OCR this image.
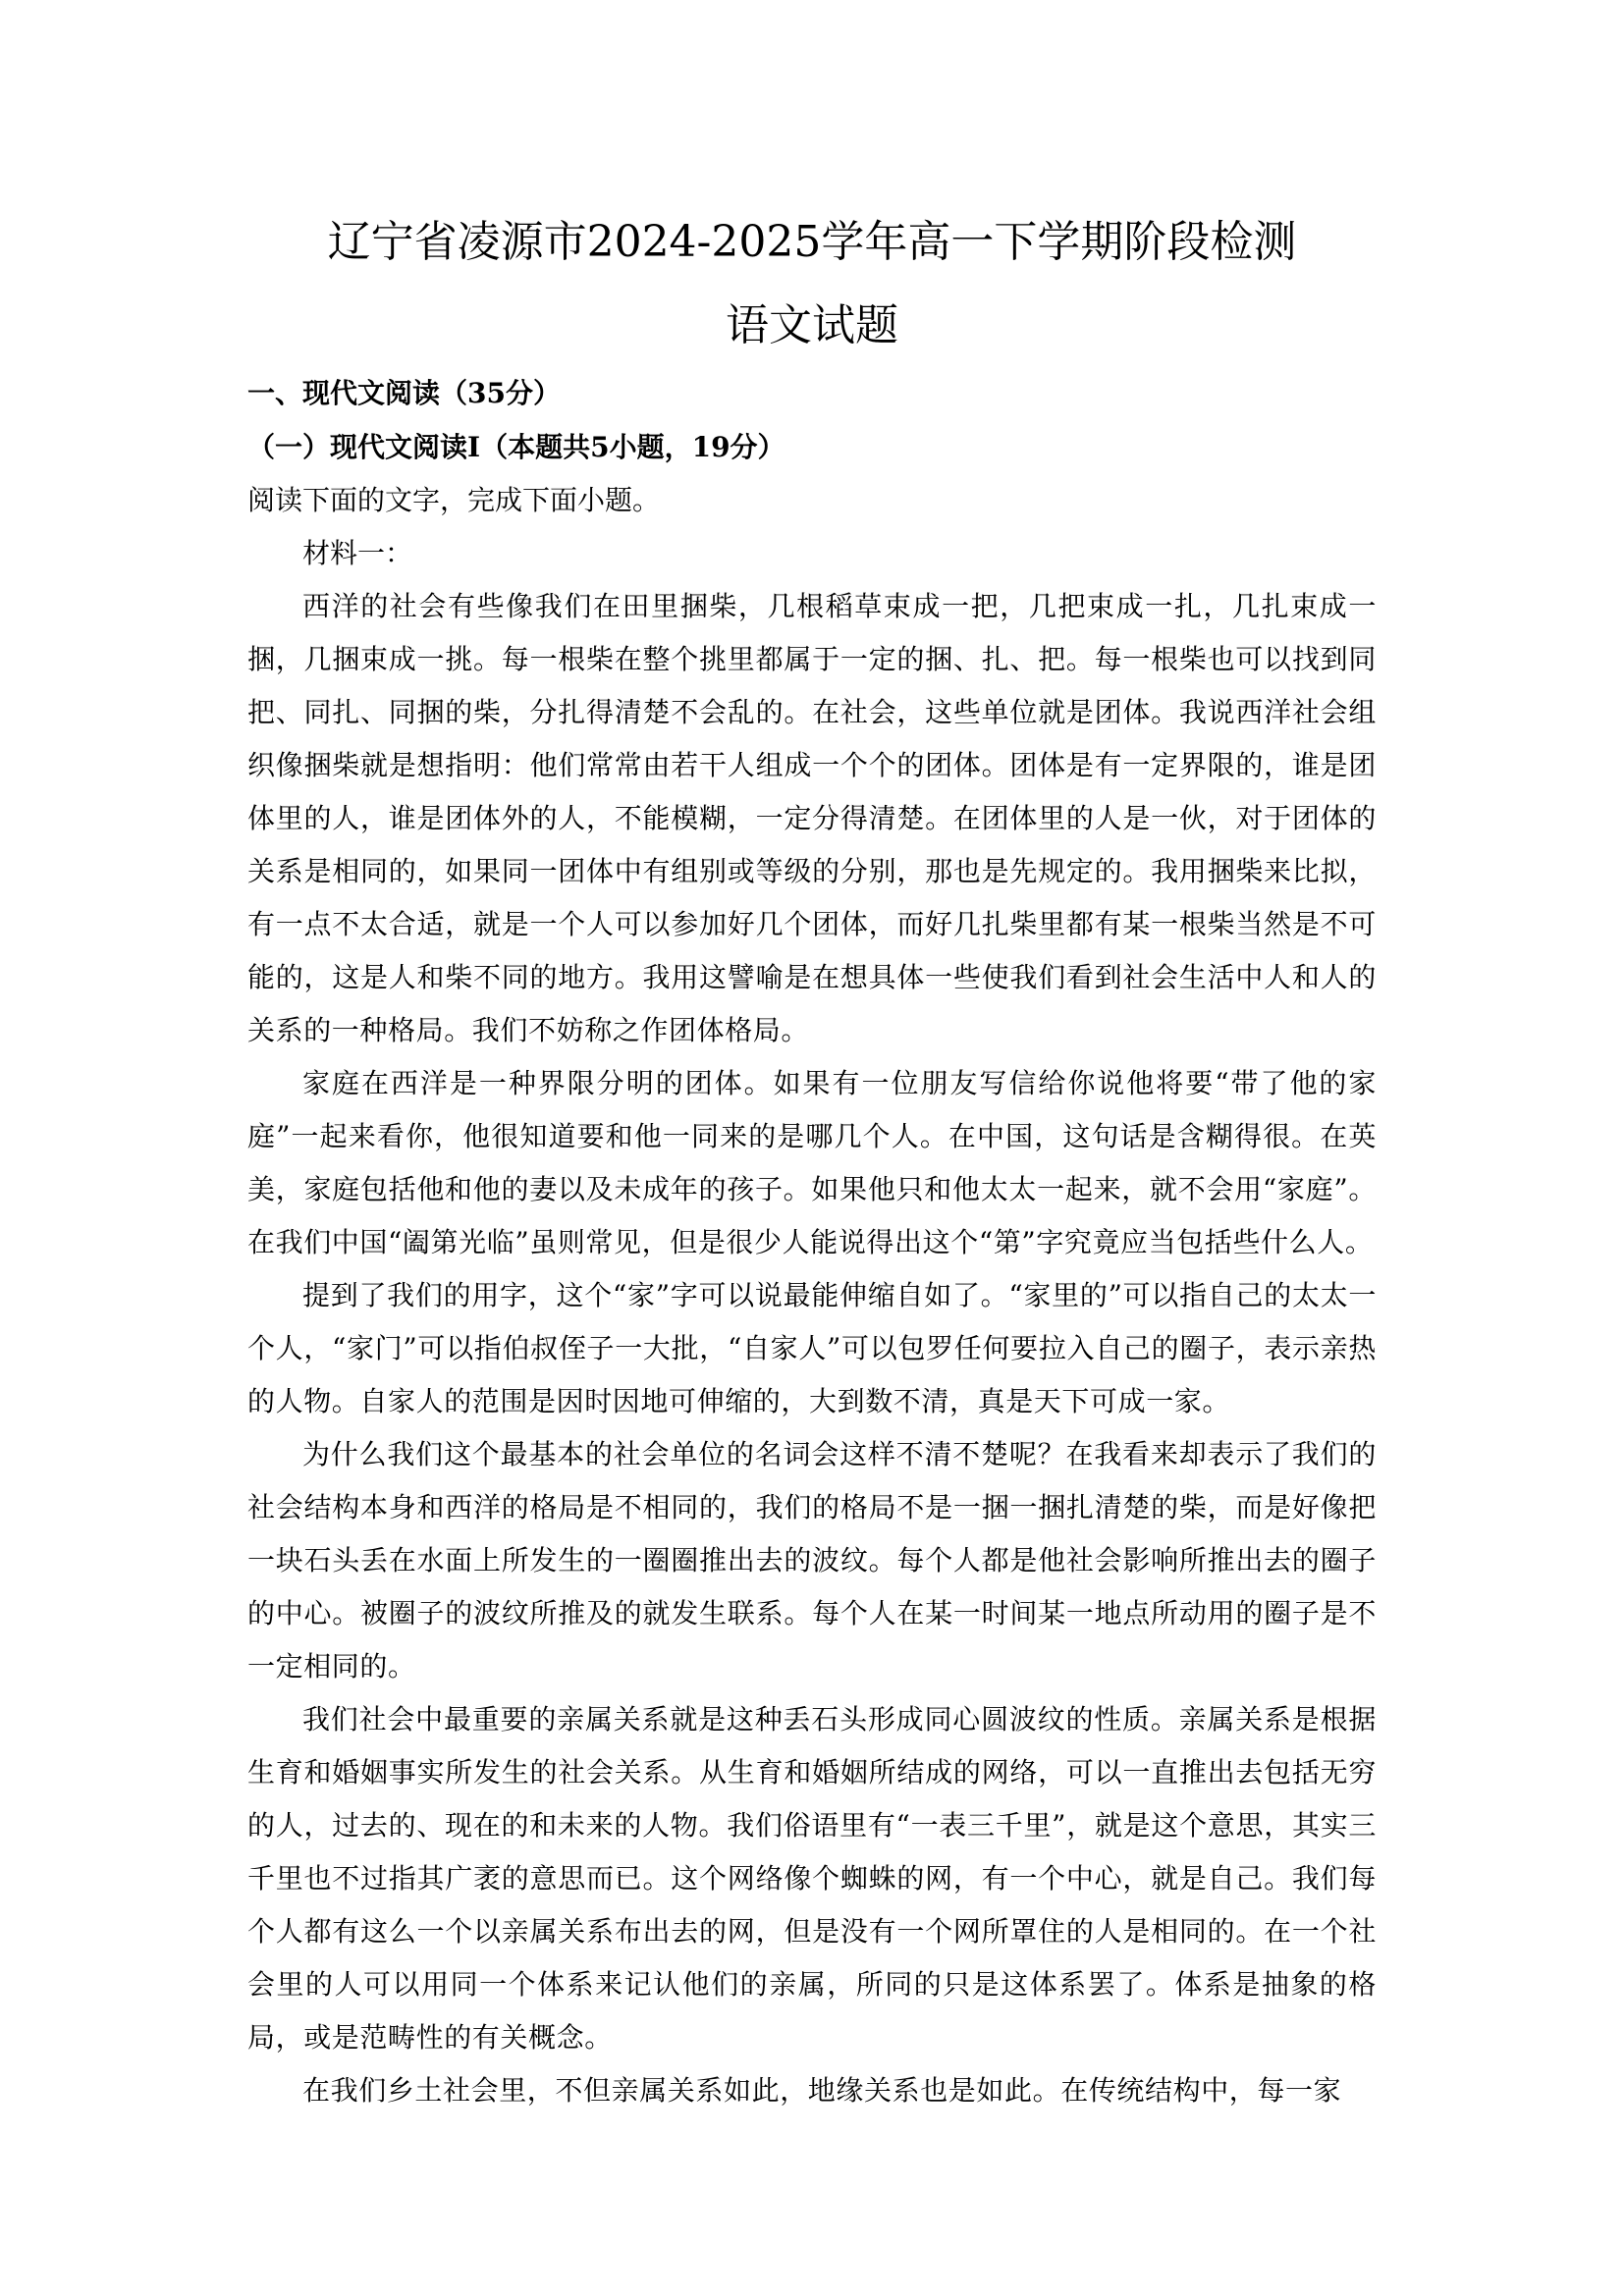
辽宁省凌源市2024-2025学年高一下学期阶段检测
语文试题

一、现代文阅读（35分）

（一）现代文阅读Ⅰ（本题共5小题，19分）

阅读下面的文字，完成下面小题。

材料一：

西洋的社会有些像我们在田里捆柴，几根稻草束成一把，几把束成一扎，几扎束成一捆，几捆束成一挑。每一根柴在整个挑里都属于一定的捆、扎、把。每一根柴也可以找到同把、同扎、同捆的柴，分扎得清楚不会乱的。在社会，这些单位就是团体。我说西洋社会组织像捆柴就是想指明：他们常常由若干人组成一个个的团体。团体是有一定界限的，谁是团体里的人，谁是团体外的人，不能模糊，一定分得清楚。在团体里的人是一伙，对于团体的关系是相同的，如果同一团体中有组别或等级的分别，那也是先规定的。我用捆柴来比拟，有一点不太合适，就是一个人可以参加好几个团体，而好几扎柴里都有某一根柴当然是不可能的，这是人和柴不同的地方。我用这譬喻是在想具体一些使我们看到社会生活中人和人的关系的一种格局。我们不妨称之作团体格局。

家庭在西洋是一种界限分明的团体。如果有一位朋友写信给你说他将要“带了他的家庭”一起来看你，他很知道要和他一同来的是哪几个人。在中国，这句话是含糊得很。在英美，家庭包括他和他的妻以及未成年的孩子。如果他只和他太太一起来，就不会用“家庭”。在我们中国“阖第光临”虽则常见，但是很少人能说得出这个“第”字究竟应当包括些什么人。

提到了我们的用字，这个“家”字可以说最能伸缩自如了。“家里的”可以指自己的太太一个人，“家门”可以指伯叔侄子一大批，“自家人”可以包罗任何要拉入自己的圈子，表示亲热的人物。自家人的范围是因时因地可伸缩的，大到数不清，真是天下可成一家。

为什么我们这个最基本的社会单位的名词会这样不清不楚呢？在我看来却表示了我们的社会结构本身和西洋的格局是不相同的，我们的格局不是一捆一捆扎清楚的柴，而是好像把一块石头丢在水面上所发生的一圈圈推出去的波纹。每个人都是他社会影响所推出去的圈子的中心。被圈子的波纹所推及的就发生联系。每个人在某一时间某一地点所动用的圈子是不一定相同的。

我们社会中最重要的亲属关系就是这种丢石头形成同心圆波纹的性质。亲属关系是根据生育和婚姻事实所发生的社会关系。从生育和婚姻所结成的网络，可以一直推出去包括无穷的人，过去的、现在的和未来的人物。我们俗语里有“一表三千里”，就是这个意思，其实三千里也不过指其广袤的意思而已。这个网络像个蜘蛛的网，有一个中心，就是自己。我们每个人都有这么一个以亲属关系布出去的网，但是没有一个网所罩住的人是相同的。在一个社会里的人可以用同一个体系来记认他们的亲属，所同的只是这体系罢了。体系是抽象的格局，或是范畴性的有关概念。

在我们乡土社会里，不但亲属关系如此，地缘关系也是如此。在传统结构中，每一家
